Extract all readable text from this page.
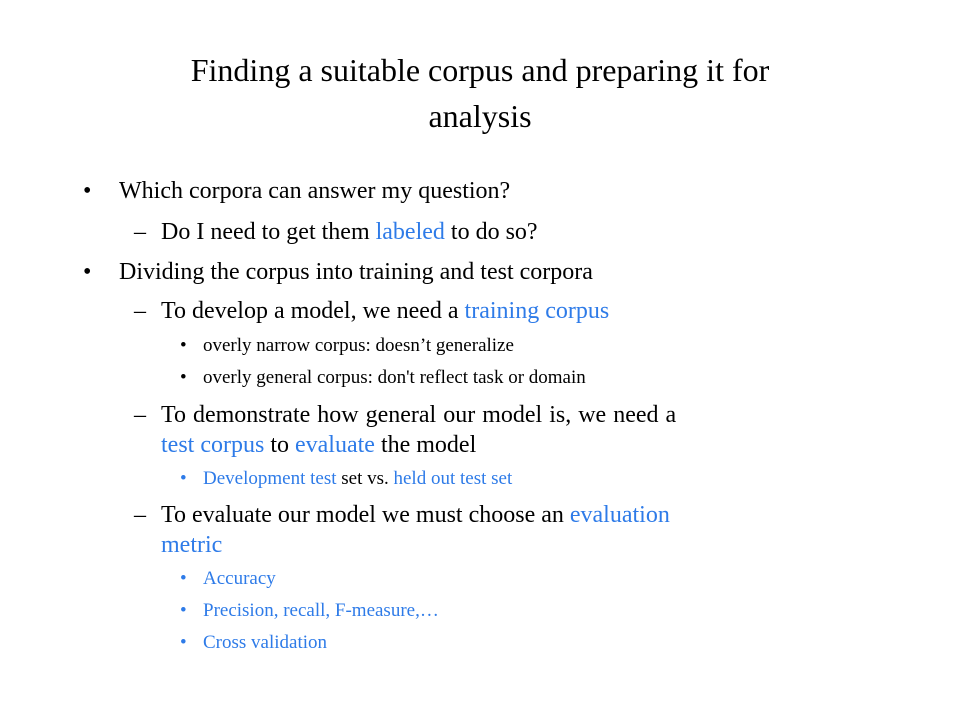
Finding a suitable corpus and preparing it for
analysis
• Which corpora can answer my question?
– Do I need to get them labeled to do so?
• Dividing the corpus into training and test corpora
– To develop a model, we need a training corpus
• overly narrow corpus: doesn’t generalize
• overly general corpus: don't reflect task or domain
– To demonstrate how general our model is, we need a
test corpus to evaluate the model
• Development test set vs. held out test set
– To evaluate our model we must choose an evaluation
metric
• Accuracy
• Precision, recall, F-measure,…
• Cross validation
